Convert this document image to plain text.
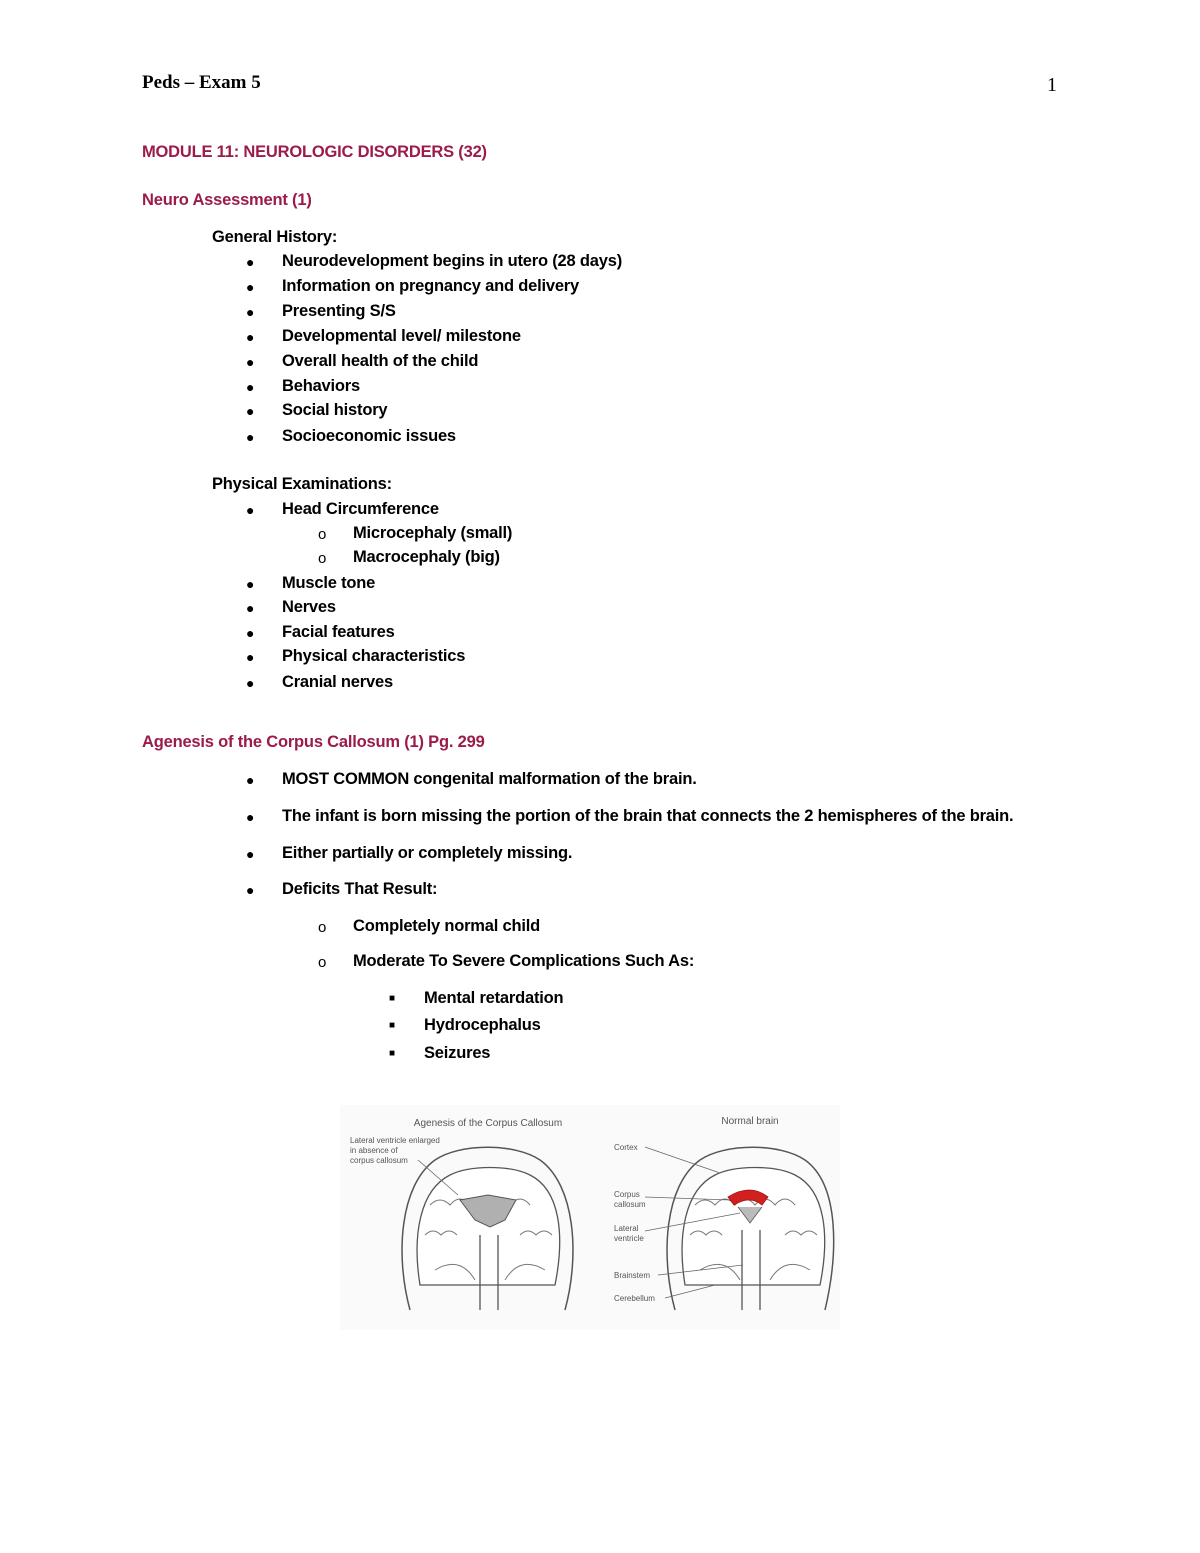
Peds – Exam 5	1
MODULE 11: NEUROLOGIC DISORDERS (32)
Neuro Assessment (1)
General History:
● Neurodevelopment begins in utero (28 days)
● Information on pregnancy and delivery
● Presenting S/S
● Developmental level/ milestone
● Overall health of the child
● Behaviors
● Social history
● Socioeconomic issues
Physical Examinations:
● Head Circumference
o Microcephaly (small)
o Macrocephaly (big)
● Muscle tone
● Nerves
● Facial features
● Physical characteristics
● Cranial nerves
Agenesis of the Corpus Callosum (1) Pg. 299
● MOST COMMON congenital malformation of the brain.
● The infant is born missing the portion of the brain that connects the 2 hemispheres of the brain.
● Either partially or completely missing.
● Deficits That Result:
o Completely normal child
o Moderate To Severe Complications Such As:
■ Mental retardation
■ Hydrocephalus
■ Seizures
Agenesis of the Corpus Callosum
Lateral ventricle enlarged
in absence of
corpus callosum
Normal brain
Cortex
Corpus
callosum
Lateral
ventricle
Brainstem
Cerebellum
